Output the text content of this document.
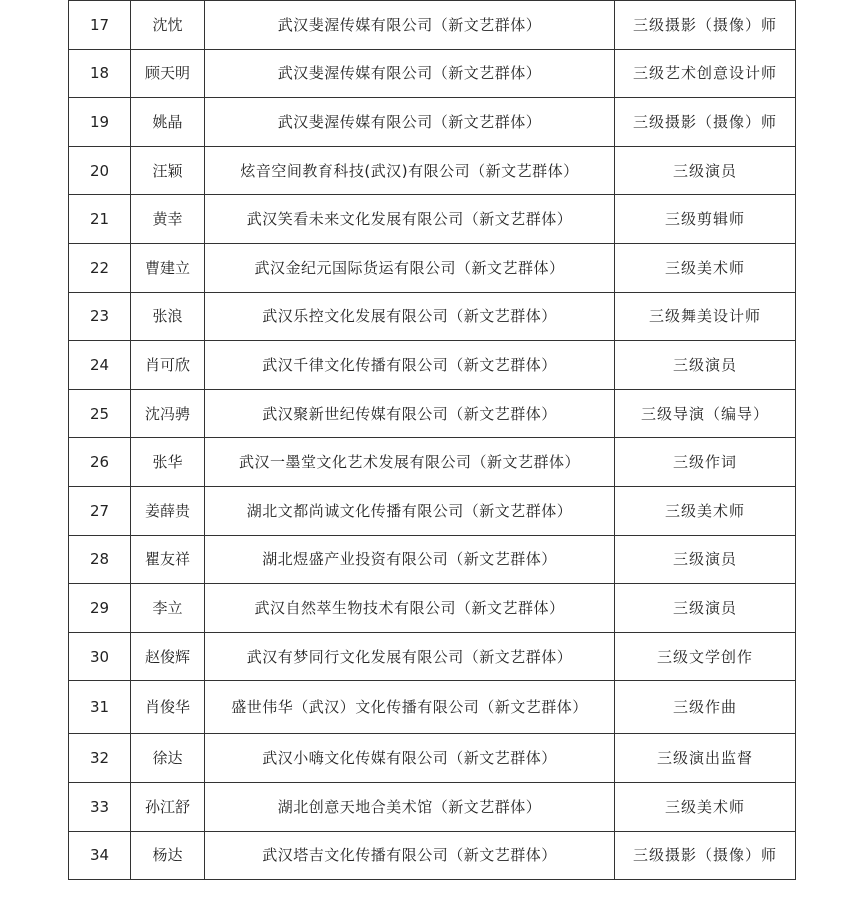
17	沈忱	武汉斐渥传媒有限公司（新文艺群体）	三级摄影（摄像）师
18	顾天明	武汉斐渥传媒有限公司（新文艺群体）	三级艺术创意设计师
19	姚晶	武汉斐渥传媒有限公司（新文艺群体）	三级摄影（摄像）师
20	汪颖	炫音空间教育科技(武汉)有限公司（新文艺群体）	三级演员
21	黄幸	武汉笑看未来文化发展有限公司（新文艺群体）	三级剪辑师
22	曹建立	武汉金纪元国际货运有限公司（新文艺群体）	三级美术师
23	张浪	武汉乐控文化发展有限公司（新文艺群体）	三级舞美设计师
24	肖可欣	武汉千律文化传播有限公司（新文艺群体）	三级演员
25	沈冯骋	武汉聚新世纪传媒有限公司（新文艺群体）	三级导演（编导）
26	张华	武汉一墨堂文化艺术发展有限公司（新文艺群体）	三级作词
27	姜薛贵	湖北文都尚诚文化传播有限公司（新文艺群体）	三级美术师
28	瞿友祥	湖北煜盛产业投资有限公司（新文艺群体）	三级演员
29	李立	武汉自然萃生物技术有限公司（新文艺群体）	三级演员
30	赵俊辉	武汉有梦同行文化发展有限公司（新文艺群体）	三级文学创作
31	肖俊华	盛世伟华（武汉）文化传播有限公司（新文艺群体）	三级作曲
32	徐达	武汉小嗨文化传媒有限公司（新文艺群体）	三级演出监督
33	孙江舒	湖北创意天地合美术馆（新文艺群体）	三级美术师
34	杨达	武汉塔吉文化传播有限公司（新文艺群体）	三级摄影（摄像）师
